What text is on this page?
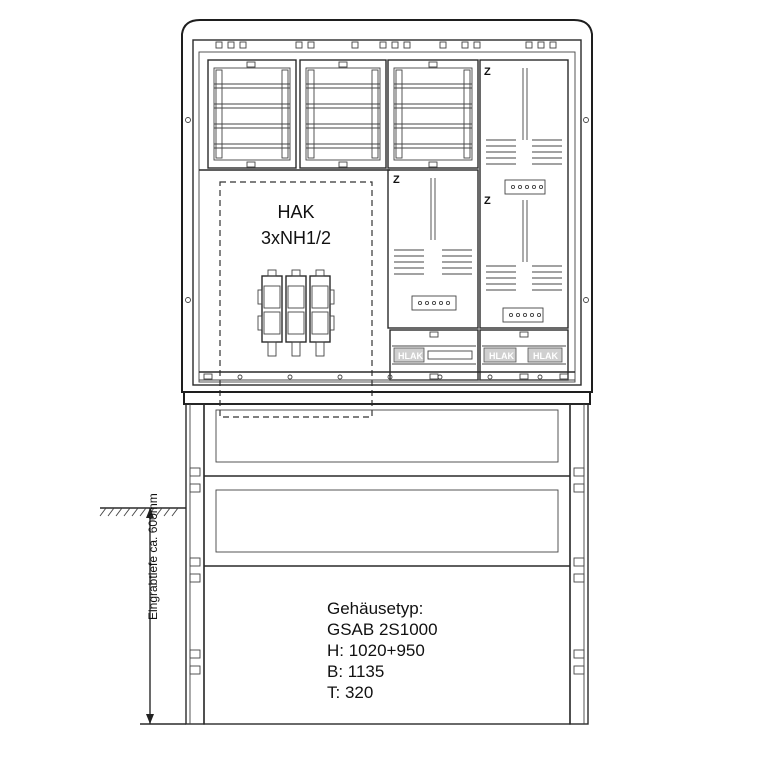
Z
Z
Z
HLAK	HLAK HLAK
HAK
3xNH1/2
Eingrabtiefe ca. 600mm	Gehäusetyp:
GSAB 2S1000
H: 1020+950
B: 1135
T: 320
